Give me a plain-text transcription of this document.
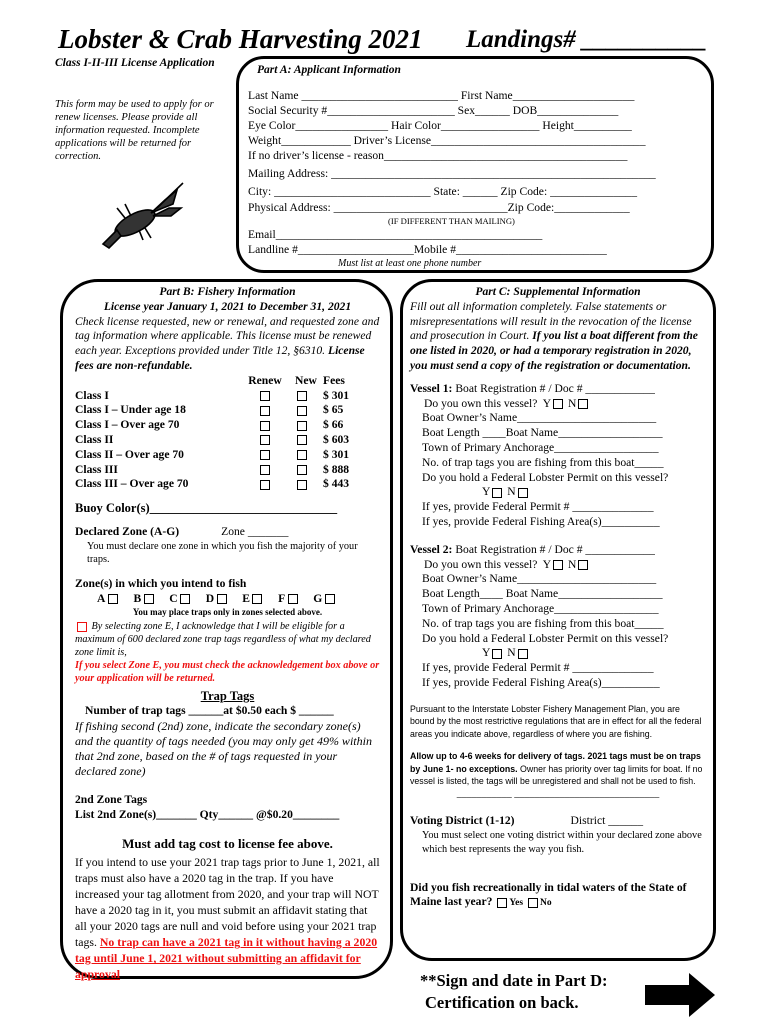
Lobster & Crab Harvesting 2021 Landings# __________
Class I-II-III License Application
This form may be used to apply for or renew licenses. Please provide all information requested. Incomplete applications will be returned for correction.
Part A: Applicant Information
Last Name ___________________________ First Name_____________________
Social Security #______________________ Sex______ DOB______________
Eye Color________________ Hair Color_________________ Height__________
Weight____________ Driver’s License_____________________________________
If no driver’s license - reason__________________________________________
Mailing Address: ________________________________________________________
City: ___________________________ State: ______ Zip Code: _______________
Physical Address: ______________________________Zip Code:_____________
(IF DIFFERENT THAN MAILING)
Email______________________________________________
Landline #____________________Mobile #__________________________
Must list at least one phone number
Part B: Fishery Information
License year January 1, 2021 to December 31, 2021
Check license requested, new or renewal, and requested zone and tag information where applicable. This license must be renewed each year. Exceptions provided under Title 12, §6310. License fees are non-refundable.
	Renew	New	Fees
Class I			$ 301
Class I – Under age 18			$ 65
Class I – Over age 70			$ 66
Class II			$ 603
Class II – Over age 70			$ 301
Class III			$ 888
Class III – Over age 70			$ 443
Buoy Color(s)______________________________
Declared Zone (A-G)	Zone _______
You must declare one zone in which you fish the majority of your traps.
Zone(s) in which you intend to fish
A B C D E F G
You may place traps only in zones selected above.
By selecting zone E, I acknowledge that I will be eligible for a maximum of 600 declared zone trap tags regardless of what my declared zone limit is,
If you select Zone E, you must check the acknowledgement box above or your application will be returned.
Trap Tags
Number of trap tags ______at $0.50 each $ ______
If fishing second (2nd) zone, indicate the secondary zone(s) and the quantity of tags needed (you may only get 49% within that 2nd zone, based on the # of tags requested in your declared zone)
2nd Zone Tags
List 2nd Zone(s)_______ Qty______ @$0.20________
Must add tag cost to license fee above.
If you intend to use your 2021 trap tags prior to June 1, 2021, all traps must also have a 2020 tag in the trap. If you have increased your tag allotment from 2020, and your trap will NOT have a 2020 tag in it, you must submit an affidavit stating that all your 2020 tags are null and void before using your 2021 trap tags. No trap can have a 2021 tag in it without having a 2020 tag until June 1, 2021 without submitting an affidavit for approval.
Part C: Supplemental Information
Fill out all information completely. False statements or misrepresentations will result in the revocation of the license and prosecution in Court. If you list a boat different from the one listed in 2020, or had a temporary registration in 2020, you must send a copy of the registration or documentation.
Vessel 1: Boat Registration # / Doc # ____________
Do you own this vessel? Y N
Boat Owner’s Name________________________
Boat Length ____Boat Name__________________
Town of Primary Anchorage__________________
No. of trap tags you are fishing from this boat_____
Do you hold a Federal Lobster Permit on this vessel?
Y N
If yes, provide Federal Permit # ______________
If yes, provide Federal Fishing Area(s)__________
Vessel 2: Boat Registration # / Doc # ____________
Do you own this vessel? Y N
Boat Owner’s Name________________________
Boat Length____ Boat Name__________________
Town of Primary Anchorage__________________
No. of trap tags you are fishing from this boat_____
Do you hold a Federal Lobster Permit on this vessel?
Y N
If yes, provide Federal Permit # ______________
If yes, provide Federal Fishing Area(s)__________
Pursuant to the Interstate Lobster Fishery Management Plan, you are bound by the most restrictive regulations that are in effect for all the federal areas you indicate above, regardless of where you are fishing.
Allow up to 4-6 weeks for delivery of tags. 2021 tags must be on traps by June 1- no exceptions. Owner has priority over tag limits for boat. If no vessel is listed, the tags will be unregistered and shall not be used to fish.
___________ _____________________________
Voting District (1-12)	District ______
You must select one voting district within your declared zone above which best represents the way you fish.
Did you fish recreationally in tidal waters of the State of Maine last year? Yes No
**Sign and date in Part D:
Certification on back.
